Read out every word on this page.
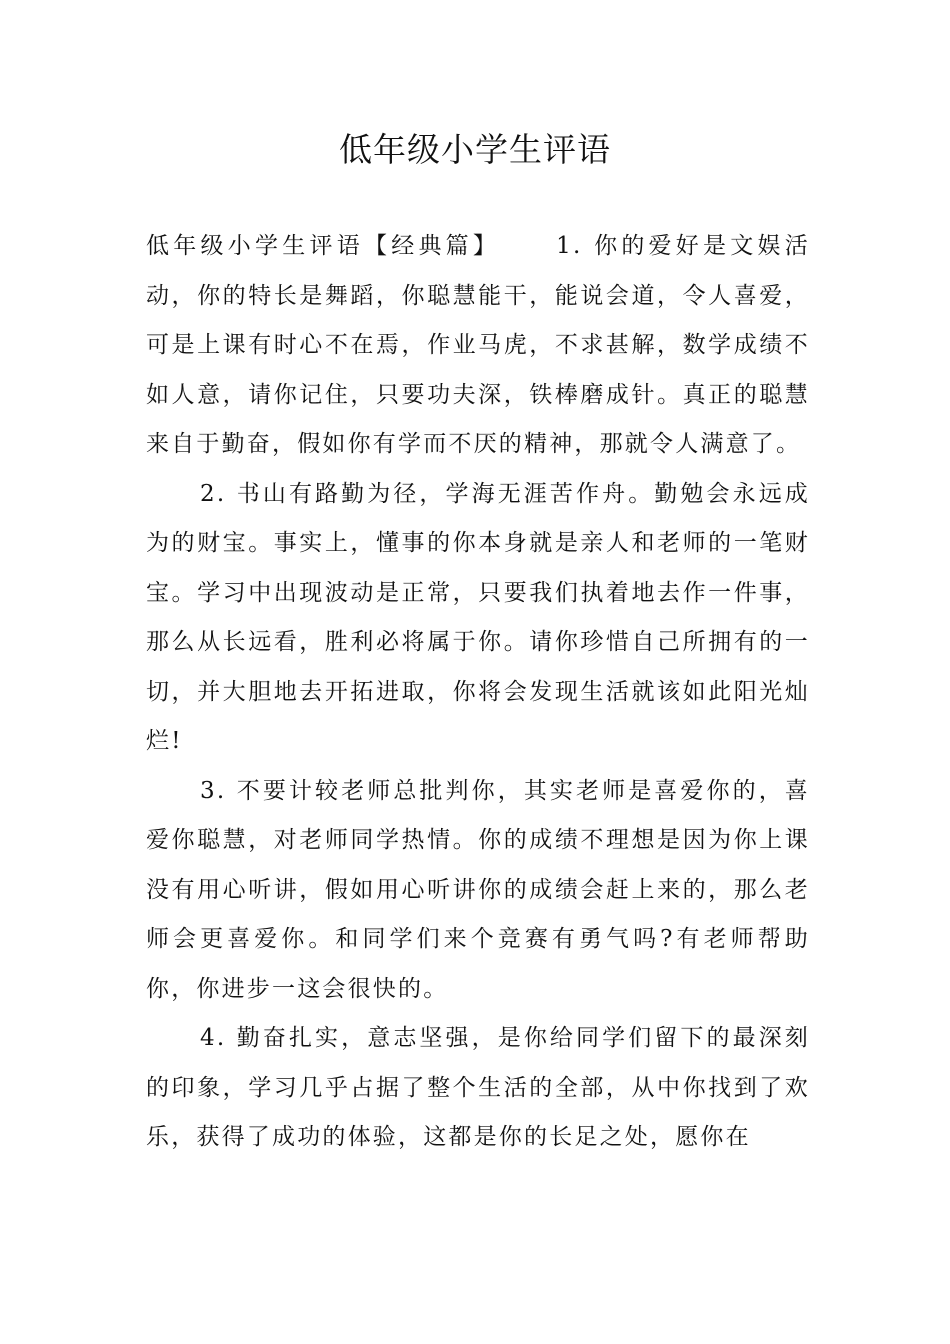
低年级小学生评语

低年级小学生评语【经典篇】 1. 你的爱好是文娱活动，你的特长是舞蹈，你聪慧能干，能说会道，令人喜爱，可是上课有时心不在焉，作业马虎，不求甚解，数学成绩不如人意，请你记住，只要功夫深，铁棒磨成针。真正的聪慧来自于勤奋，假如你有学而不厌的精神，那就令人满意了。

2. 书山有路勤为径，学海无涯苦作舟。勤勉会永远成为的财宝。事实上，懂事的你本身就是亲人和老师的一笔财宝。学习中出现波动是正常，只要我们执着地去作一件事，那么从长远看，胜利必将属于你。请你珍惜自己所拥有的一切，并大胆地去开拓进取，你将会发现生活就该如此阳光灿烂!

3. 不要计较老师总批判你，其实老师是喜爱你的，喜爱你聪慧，对老师同学热情。你的成绩不理想是因为你上课没有用心听讲，假如用心听讲你的成绩会赶上来的，那么老师会更喜爱你。和同学们来个竞赛有勇气吗?有老师帮助你，你进步一这会很快的。

4. 勤奋扎实，意志坚强，是你给同学们留下的最深刻的印象，学习几乎占据了整个生活的全部，从中你找到了欢乐，获得了成功的体验，这都是你的长足之处，愿你在
